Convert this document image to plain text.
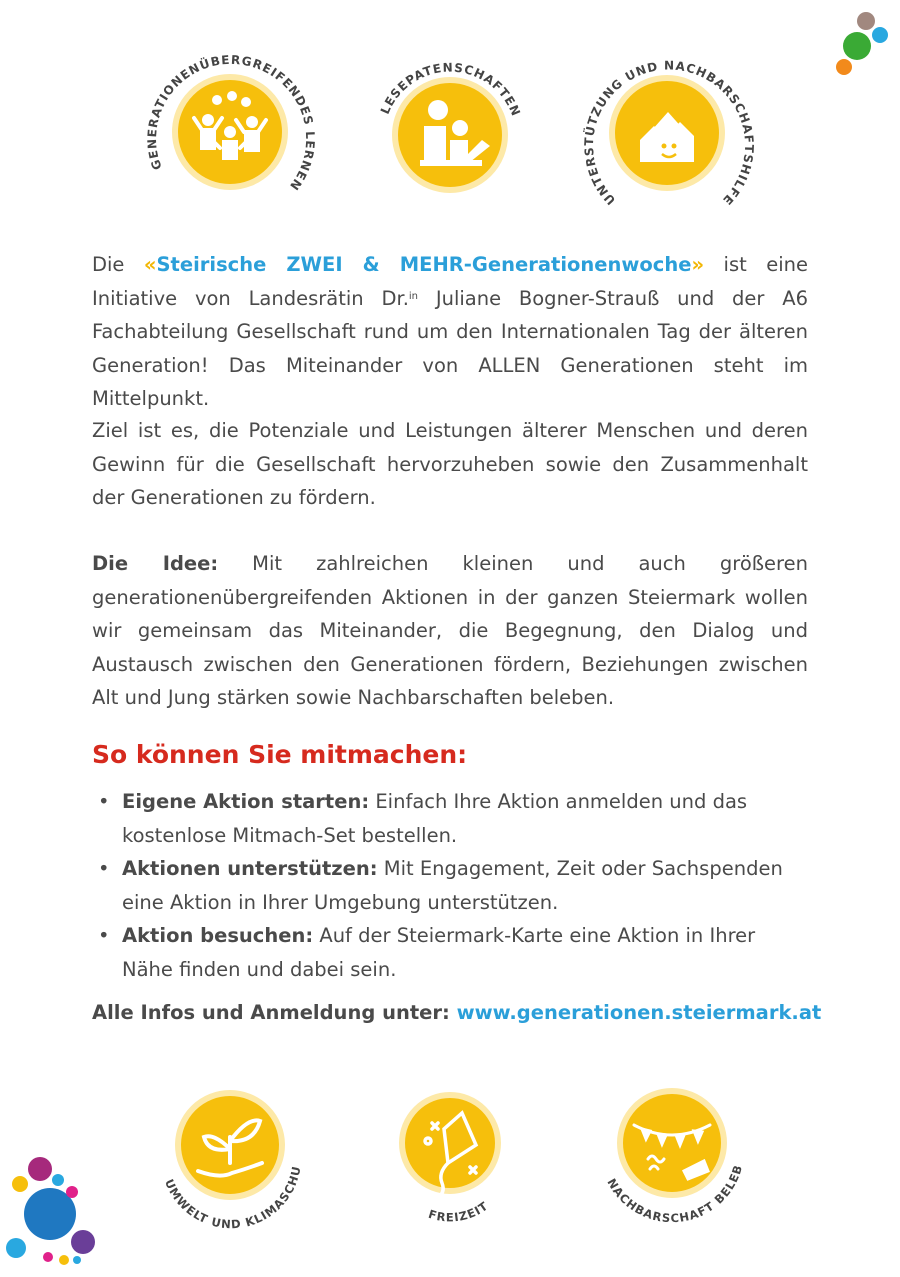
GENERATIONENÜBERGREIFENDES LERNEN
LESEPATENSCHAFTEN
UNTERSTÜTZUNG UND NACHBARSCHAFTSHILFE
Die «Steirische ZWEI & MEHR-Generationenwoche» ist eine Initiative von Landesrätin Dr.$^{in}$ Juliane Bogner-Strauß und der A6 Fachabteilung Gesellschaft rund um den Internationalen Tag der älteren Generation! Das Miteinander von ALLEN Generationen steht im Mittelpunkt.
Ziel ist es, die Potenziale und Leistungen älterer Menschen und deren Gewinn für die Gesellschaft hervorzuheben sowie den Zusammenhalt der Generationen zu fördern.
Die Idee: Mit zahlreichen kleinen und auch größeren generationenübergreifenden Aktionen in der ganzen Steiermark wollen wir gemeinsam das Miteinander, die Begegnung, den Dialog und Austausch zwischen den Generationen fördern, Beziehungen zwischen Alt und Jung stärken sowie Nachbarschaften beleben.
So können Sie mitmachen:
• Eigene Aktion starten: Einfach Ihre Aktion anmelden und das kostenlose Mitmach-Set bestellen.
• Aktionen unterstützen: Mit Engagement, Zeit oder Sachspenden eine Aktion in Ihrer Umgebung unterstützen.
• Aktion besuchen: Auf der Steiermark-Karte eine Aktion in Ihrer Nähe finden und dabei sein.
Alle Infos und Anmeldung unter: www.generationen.steiermark.at
UMWELT UND KLIMASCHUTZ
FREIZEIT
NACHBARSCHAFT BELEBEN
